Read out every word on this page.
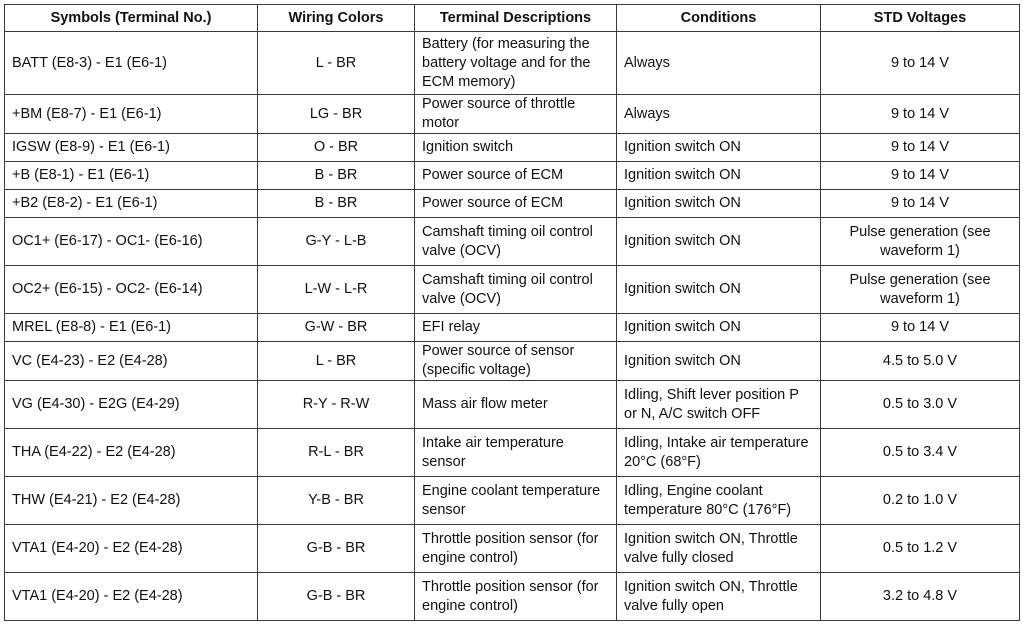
Symbols (Terminal No.)	Wiring Colors	Terminal Descriptions	Conditions	STD Voltages
BATT (E8-3) - E1 (E6-1)	L - BR	Battery (for measuring the battery voltage and for the ECM memory)	Always	9 to 14 V
+BM (E8-7) - E1 (E6-1)	LG - BR	Power source of throttle motor	Always	9 to 14 V
IGSW (E8-9) - E1 (E6-1)	O - BR	Ignition switch	Ignition switch ON	9 to 14 V
+B (E8-1) - E1 (E6-1)	B - BR	Power source of ECM	Ignition switch ON	9 to 14 V
+B2 (E8-2) - E1 (E6-1)	B - BR	Power source of ECM	Ignition switch ON	9 to 14 V
OC1+ (E6-17) - OC1- (E6-16)	G-Y - L-B	Camshaft timing oil control valve (OCV)	Ignition switch ON	Pulse generation (see waveform 1)
OC2+ (E6-15) - OC2- (E6-14)	L-W - L-R	Camshaft timing oil control valve (OCV)	Ignition switch ON	Pulse generation (see waveform 1)
MREL (E8-8) - E1 (E6-1)	G-W - BR	EFI relay	Ignition switch ON	9 to 14 V
VC (E4-23) - E2 (E4-28)	L - BR	Power source of sensor (specific voltage)	Ignition switch ON	4.5 to 5.0 V
VG (E4-30) - E2G (E4-29)	R-Y - R-W	Mass air flow meter	Idling, Shift lever position P or N, A/C switch OFF	0.5 to 3.0 V
THA (E4-22) - E2 (E4-28)	R-L - BR	Intake air temperature sensor	Idling, Intake air temperature 20°C (68°F)	0.5 to 3.4 V
THW (E4-21) - E2 (E4-28)	Y-B - BR	Engine coolant temperature sensor	Idling, Engine coolant temperature 80°C (176°F)	0.2 to 1.0 V
VTA1 (E4-20) - E2 (E4-28)	G-B - BR	Throttle position sensor (for engine control)	Ignition switch ON, Throttle valve fully closed	0.5 to 1.2 V
VTA1 (E4-20) - E2 (E4-28)	G-B - BR	Throttle position sensor (for engine control)	Ignition switch ON, Throttle valve fully open	3.2 to 4.8 V
